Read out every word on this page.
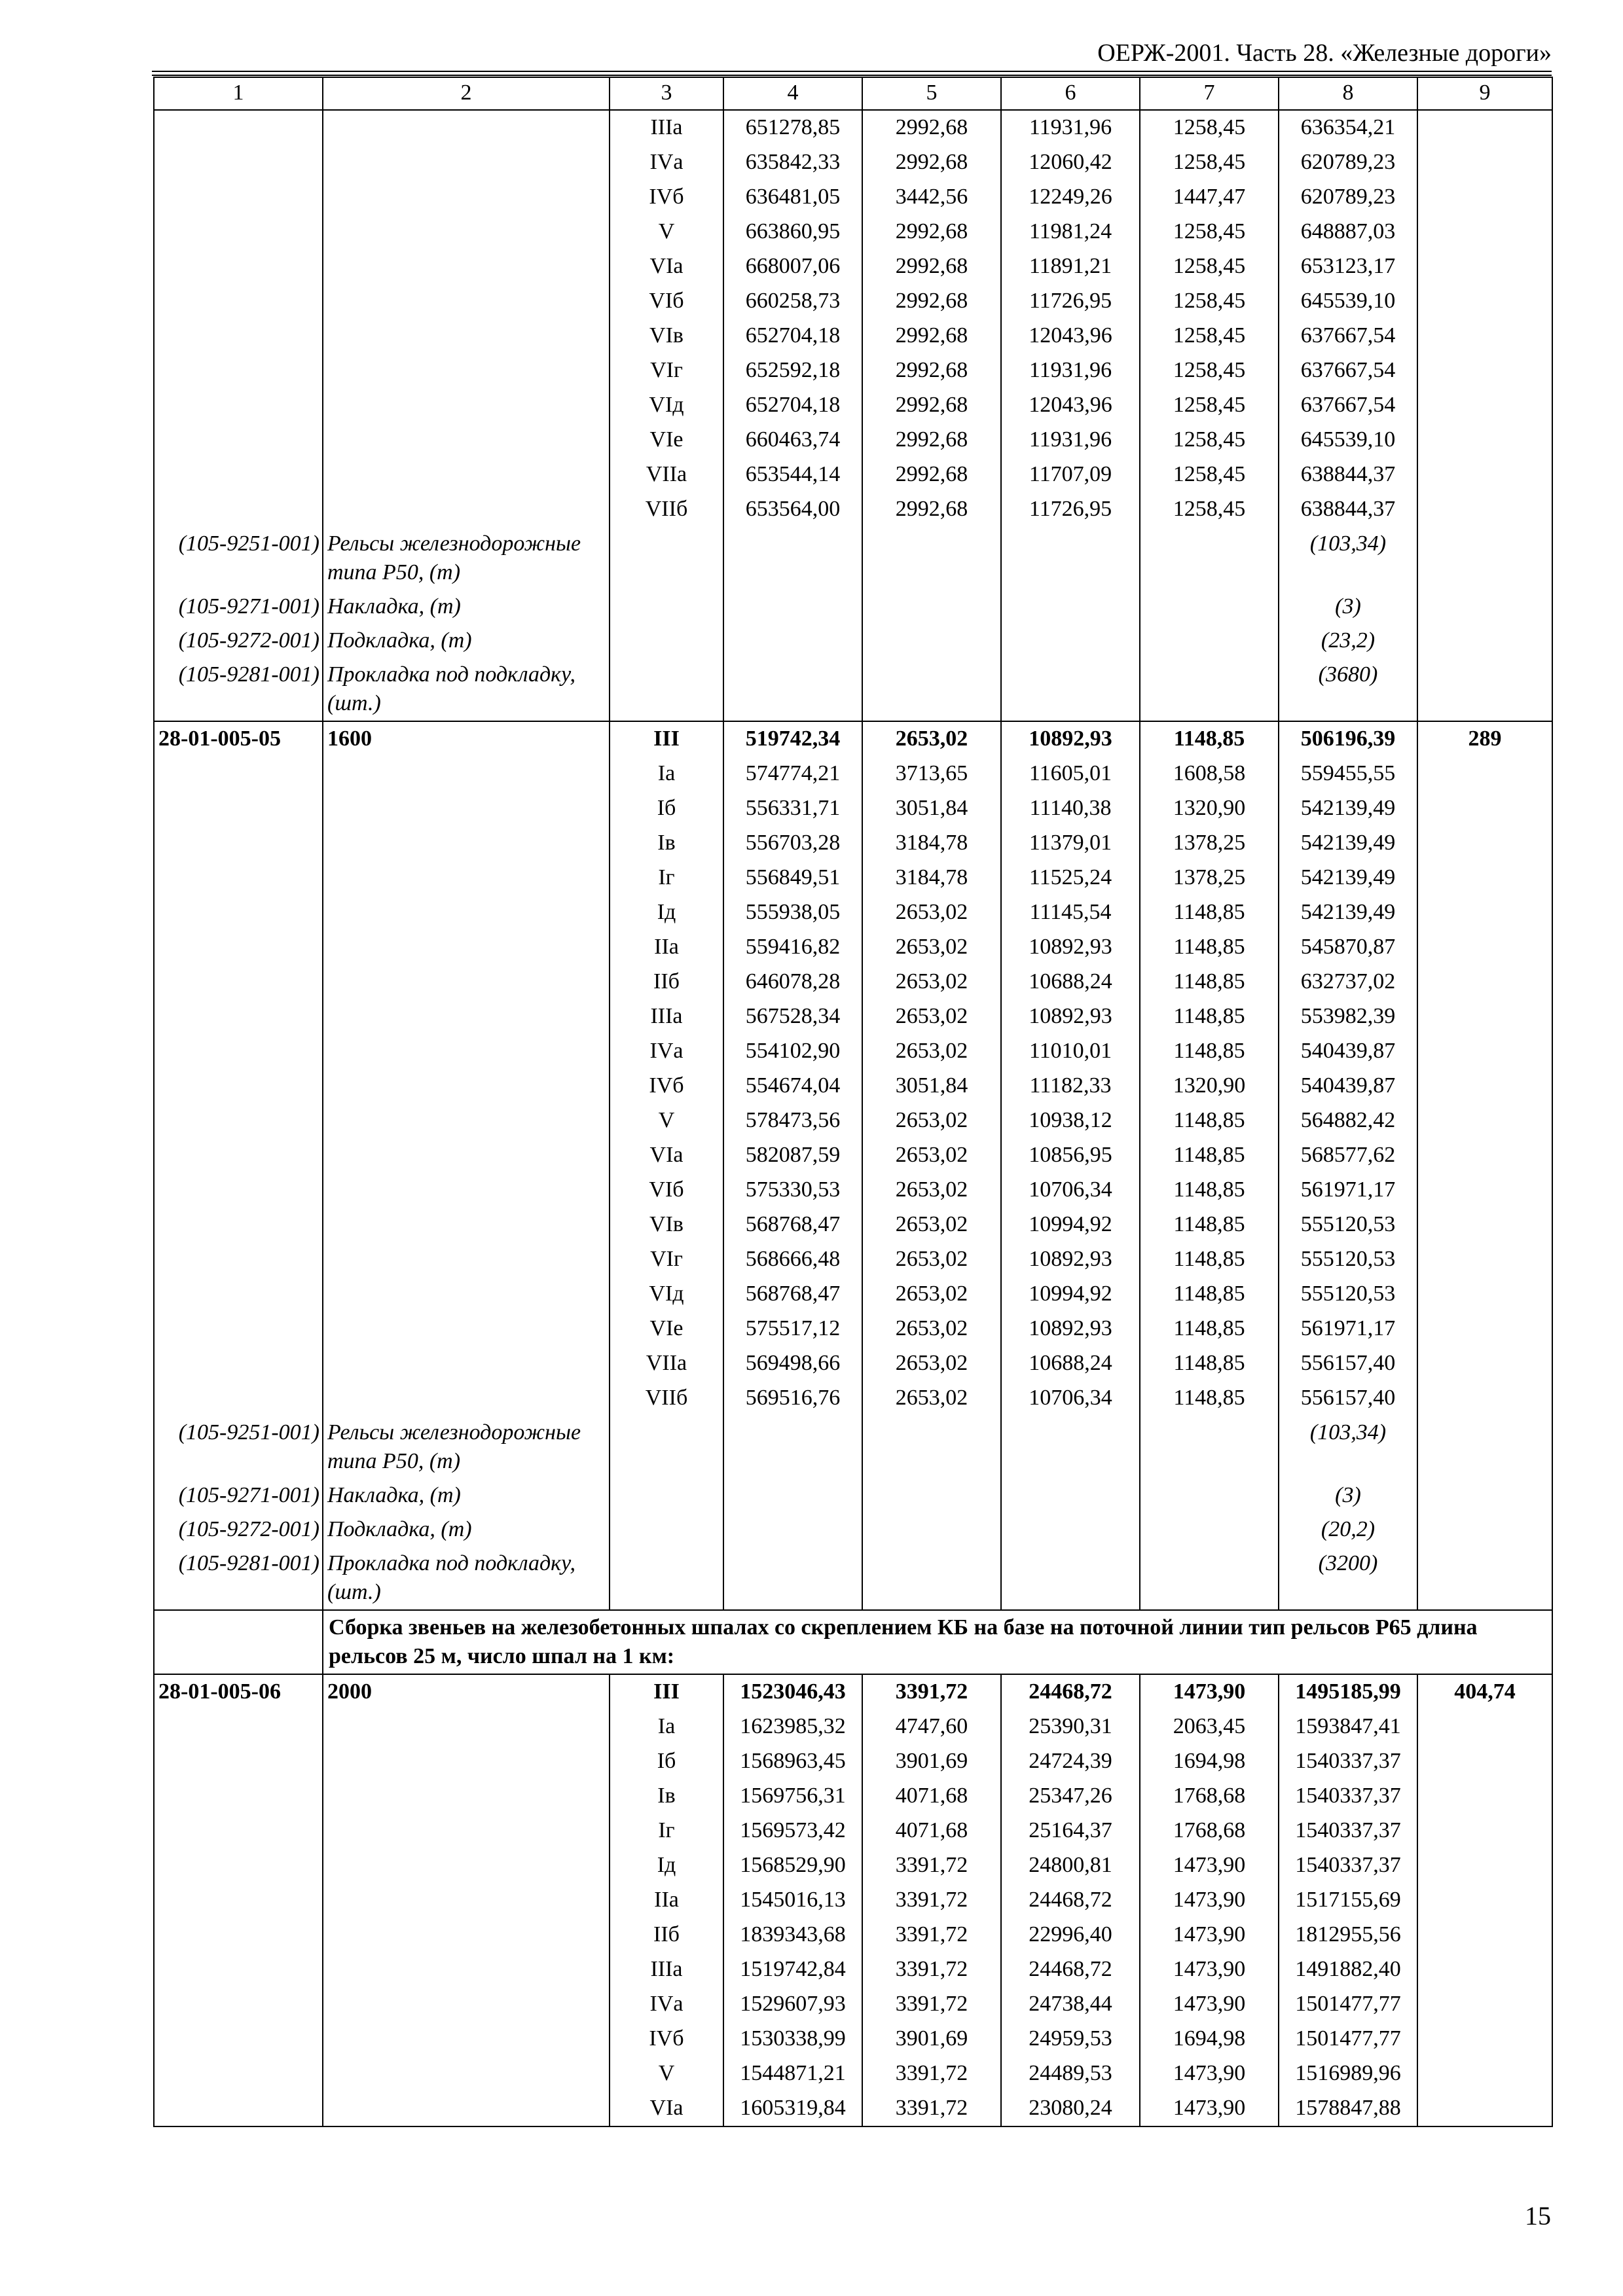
ОЕРЖ-2001. Часть 28. «Железные дороги»
1	2	3	4	5	6	7	8	9
		IIIа	651278,85	2992,68	11931,96	1258,45	636354,21	
		IVа	635842,33	2992,68	12060,42	1258,45	620789,23	
		IVб	636481,05	3442,56	12249,26	1447,47	620789,23	
		V	663860,95	2992,68	11981,24	1258,45	648887,03	
		VIа	668007,06	2992,68	11891,21	1258,45	653123,17	
		VIб	660258,73	2992,68	11726,95	1258,45	645539,10	
		VIв	652704,18	2992,68	12043,96	1258,45	637667,54	
		VIг	652592,18	2992,68	11931,96	1258,45	637667,54	
		VIд	652704,18	2992,68	12043,96	1258,45	637667,54	
		VIе	660463,74	2992,68	11931,96	1258,45	645539,10	
		VIIа	653544,14	2992,68	11707,09	1258,45	638844,37	
		VIIб	653564,00	2992,68	11726,95	1258,45	638844,37	
(105-9251-001)	Рельсы железнодорожные типа Р50, (т)						(103,34)	
(105-9271-001)	Накладка, (т)						(3)	
(105-9272-001)	Подкладка, (т)						(23,2)	
(105-9281-001)	Прокладка под подкладку, (шт.)						(3680)	
28-01-005-05	1600	III	519742,34	2653,02	10892,93	1148,85	506196,39	289
		Iа	574774,21	3713,65	11605,01	1608,58	559455,55	
		Iб	556331,71	3051,84	11140,38	1320,90	542139,49	
		Iв	556703,28	3184,78	11379,01	1378,25	542139,49	
		Iг	556849,51	3184,78	11525,24	1378,25	542139,49	
		Iд	555938,05	2653,02	11145,54	1148,85	542139,49	
		IIа	559416,82	2653,02	10892,93	1148,85	545870,87	
		IIб	646078,28	2653,02	10688,24	1148,85	632737,02	
		IIIа	567528,34	2653,02	10892,93	1148,85	553982,39	
		IVа	554102,90	2653,02	11010,01	1148,85	540439,87	
		IVб	554674,04	3051,84	11182,33	1320,90	540439,87	
		V	578473,56	2653,02	10938,12	1148,85	564882,42	
		VIа	582087,59	2653,02	10856,95	1148,85	568577,62	
		VIб	575330,53	2653,02	10706,34	1148,85	561971,17	
		VIв	568768,47	2653,02	10994,92	1148,85	555120,53	
		VIг	568666,48	2653,02	10892,93	1148,85	555120,53	
		VIд	568768,47	2653,02	10994,92	1148,85	555120,53	
		VIе	575517,12	2653,02	10892,93	1148,85	561971,17	
		VIIа	569498,66	2653,02	10688,24	1148,85	556157,40	
		VIIб	569516,76	2653,02	10706,34	1148,85	556157,40	
(105-9251-001)	Рельсы железнодорожные типа Р50, (т)						(103,34)	
(105-9271-001)	Накладка, (т)						(3)	
(105-9272-001)	Подкладка, (т)						(20,2)	
(105-9281-001)	Прокладка под подкладку, (шт.)						(3200)	
	Сборка звеньев на железобетонных шпалах со скреплением КБ на базе на поточной линии тип рельсов Р65 длина рельсов 25 м, число шпал на 1 км:							
28-01-005-06	2000	III	1523046,43	3391,72	24468,72	1473,90	1495185,99	404,74
		Iа	1623985,32	4747,60	25390,31	2063,45	1593847,41	
		Iб	1568963,45	3901,69	24724,39	1694,98	1540337,37	
		Iв	1569756,31	4071,68	25347,26	1768,68	1540337,37	
		Iг	1569573,42	4071,68	25164,37	1768,68	1540337,37	
		Iд	1568529,90	3391,72	24800,81	1473,90	1540337,37	
		IIа	1545016,13	3391,72	24468,72	1473,90	1517155,69	
		IIб	1839343,68	3391,72	22996,40	1473,90	1812955,56	
		IIIа	1519742,84	3391,72	24468,72	1473,90	1491882,40	
		IVа	1529607,93	3391,72	24738,44	1473,90	1501477,77	
		IVб	1530338,99	3901,69	24959,53	1694,98	1501477,77	
		V	1544871,21	3391,72	24489,53	1473,90	1516989,96	
		VIа	1605319,84	3391,72	23080,24	1473,90	1578847,88	
15
